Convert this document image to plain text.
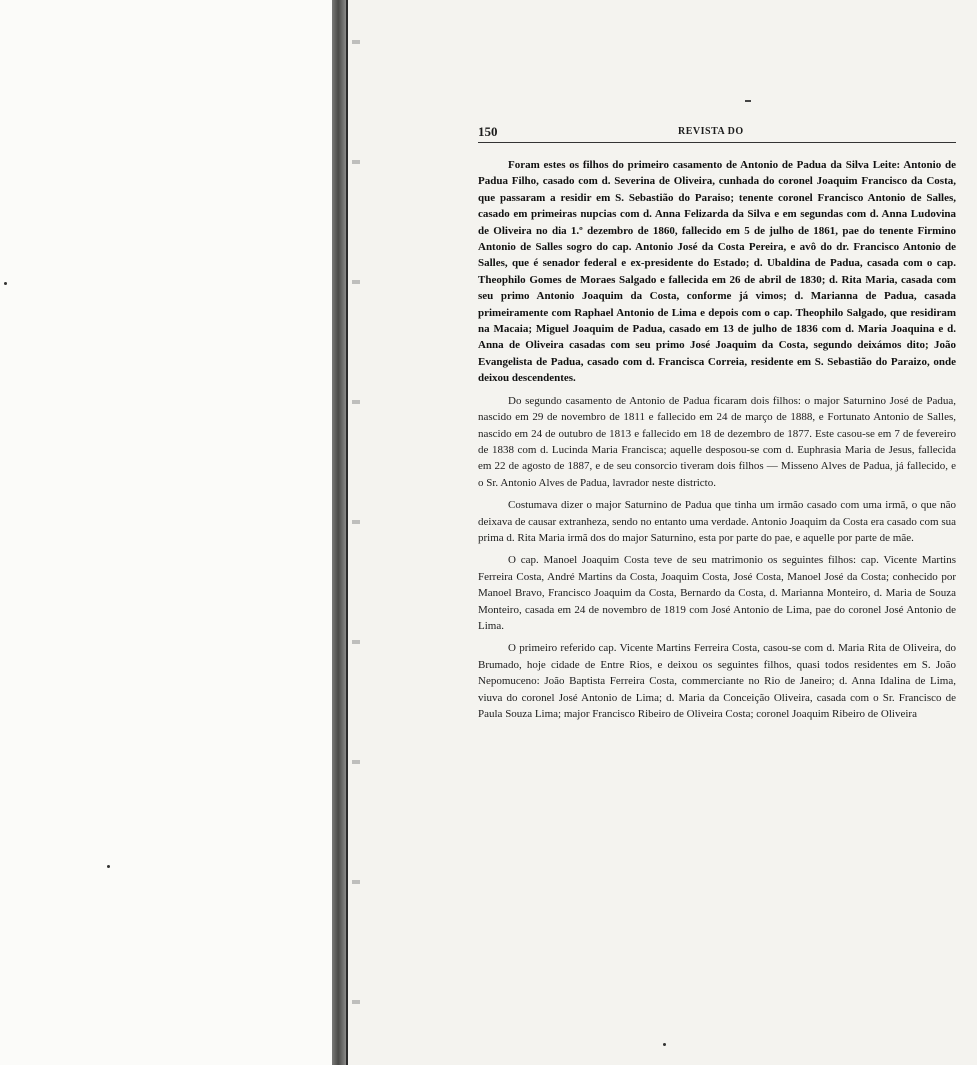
150	REVISTA DO

Foram estes os filhos do primeiro casamento de Antonio de Padua da Silva Leite: Antonio de Padua Filho, casado com d. Severina de Oliveira, cunhada do coronel Joaquim Francisco da Costa, que passaram a residir em S. Sebastião do Paraiso; tenente coronel Francisco Antonio de Salles, casado em primeiras nupcias com d. Anna Felizarda da Silva e em segundas com d. Anna Ludovina de Oliveira no dia 1.º dezembro de 1860, fallecido em 5 de julho de 1861, pae do tenente Firmino Antonio de Salles sogro do cap. Antonio José da Costa Pereira, e avô do dr. Francisco Antonio de Salles, que é senador federal e ex-presidente do Estado; d. Ubaldina de Padua, casada com o cap. Theophilo Gomes de Moraes Salgado e fallecida em 26 de abril de 1830; d. Rita Maria, casada com seu primo Antonio Joaquim da Costa, conforme já vimos; d. Marianna de Padua, casada primeiramente com Raphael Antonio de Lima e depois com o cap. Theophilo Salgado, que residiram na Macaia; Miguel Joaquim de Padua, casado em 13 de julho de 1836 com d. Maria Joaquina e d. Anna de Oliveira casadas com seu primo José Joaquim da Costa, segundo deixámos dito; João Evangelista de Padua, casado com d. Francisca Correia, residente em S. Sebastião do Paraizo, onde deixou descendentes.

Do segundo casamento de Antonio de Padua ficaram dois filhos: o major Saturnino José de Padua, nascido em 29 de novembro de 1811 e fallecido em 24 de março de 1888, e Fortunato Antonio de Salles, nascido em 24 de outubro de 1813 e fallecido em 18 de dezembro de 1877. Este casou-se em 7 de fevereiro de 1838 com d. Lucinda Maria Francisca; aquelle desposou-se com d. Euphrasia Maria de Jesus, fallecida em 22 de agosto de 1887, e de seu consorcio tiveram dois filhos — Misseno Alves de Padua, já fallecido, e o Sr. Antonio Alves de Padua, lavrador neste districto.

Costumava dizer o major Saturnino de Padua que tinha um irmão casado com uma irmã, o que não deixava de causar extranheza, sendo no entanto uma verdade. Antonio Joaquim da Costa era casado com sua prima d. Rita Maria irmã dos do major Saturnino, esta por parte do pae, e aquelle por parte de mãe.

O cap. Manoel Joaquim Costa teve de seu matrimonio os seguintes filhos: cap. Vicente Martins Ferreira Costa, André Martins da Costa, Joaquim Costa, José Costa, Manoel José da Costa; conhecido por Manoel Bravo, Francisco Joaquim da Costa, Bernardo da Costa, d. Marianna Monteiro, d. Maria de Souza Monteiro, casada em 24 de novembro de 1819 com José Antonio de Lima, pae do coronel José Antonio de Lima.

O primeiro referido cap. Vicente Martins Ferreira Costa, casou-se com d. Maria Rita de Oliveira, do Brumado, hoje cidade de Entre Rios, e deixou os seguintes filhos, quasi todos residentes em S. João Nepomuceno: João Baptista Ferreira Costa, commerciante no Rio de Janeiro; d. Anna Idalina de Lima, viuva do coronel José Antonio de Lima; d. Maria da Conceição Oliveira, casada com o Sr. Francisco de Paula Souza Lima; major Francisco Ribeiro de Oliveira Costa; coronel Joaquim Ribeiro de Oliveira
